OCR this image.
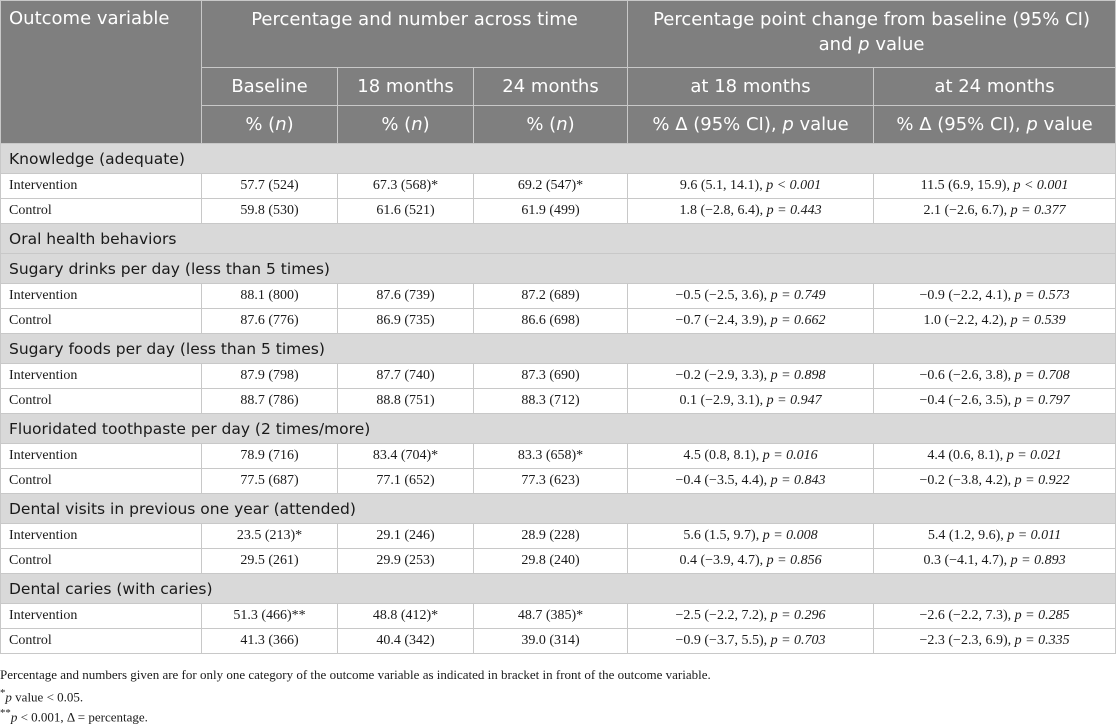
Outcome variable	Percentage and number across time			Percentage point change from baseline (95% CI)
and p value	
	Baseline	18 months	24 months	at 18 months	at 24 months
	% (n)	% (n)	% (n)	% Δ (95% CI), p value	% Δ (95% CI), p value
Knowledge (adequate)					
Intervention	57.7 (524)	67.3 (568)*	69.2 (547)*	9.6 (5.1, 14.1), p < 0.001	11.5 (6.9, 15.9), p < 0.001
Control	59.8 (530)	61.6 (521)	61.9 (499)	1.8 (−2.8, 6.4), p = 0.443	2.1 (−2.6, 6.7), p = 0.377
Oral health behaviors					
Sugary drinks per day (less than 5 times)					
Intervention	88.1 (800)	87.6 (739)	87.2 (689)	−0.5 (−2.5, 3.6), p = 0.749	−0.9 (−2.2, 4.1), p = 0.573
Control	87.6 (776)	86.9 (735)	86.6 (698)	−0.7 (−2.4, 3.9), p = 0.662	1.0 (−2.2, 4.2), p = 0.539
Sugary foods per day (less than 5 times)					
Intervention	87.9 (798)	87.7 (740)	87.3 (690)	−0.2 (−2.9, 3.3), p = 0.898	−0.6 (−2.6, 3.8), p = 0.708
Control	88.7 (786)	88.8 (751)	88.3 (712)	0.1 (−2.9, 3.1), p = 0.947	−0.4 (−2.6, 3.5), p = 0.797
Fluoridated toothpaste per day (2 times/more)					
Intervention	78.9 (716)	83.4 (704)*	83.3 (658)*	4.5 (0.8, 8.1), p = 0.016	4.4 (0.6, 8.1), p = 0.021
Control	77.5 (687)	77.1 (652)	77.3 (623)	−0.4 (−3.5, 4.4), p = 0.843	−0.2 (−3.8, 4.2), p = 0.922
Dental visits in previous one year (attended)					
Intervention	23.5 (213)*	29.1 (246)	28.9 (228)	5.6 (1.5, 9.7), p = 0.008	5.4 (1.2, 9.6), p = 0.011
Control	29.5 (261)	29.9 (253)	29.8 (240)	0.4 (−3.9, 4.7), p = 0.856	0.3 (−4.1, 4.7), p = 0.893
Dental caries (with caries)					
Intervention	51.3 (466)**	48.8 (412)*	48.7 (385)*	−2.5 (−2.2, 7.2), p = 0.296	−2.6 (−2.2, 7.3), p = 0.285
Control	41.3 (366)	40.4 (342)	39.0 (314)	−0.9 (−3.7, 5.5), p = 0.703	−2.3 (−2.3, 6.9), p = 0.335
Percentage and numbers given are for only one category of the outcome variable as indicated in bracket in front of the outcome variable.
*p value < 0.05.
**p < 0.001, Δ = percentage.
